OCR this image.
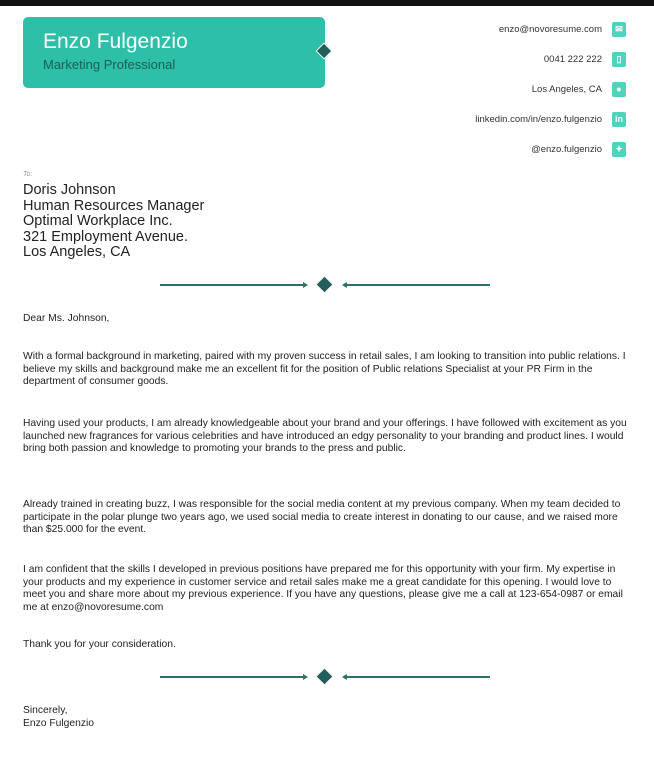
Enzo Fulgenzio
Marketing Professional
enzo@novoresume.com	✉
0041 222 222	▯
Los Angeles, CA	●
linkedin.com/in/enzo.fulgenzio	in
@enzo.fulgenzio	✦
To:
Doris Johnson
Human Resources Manager
Optimal Workplace Inc.
321 Employment Avenue.
Los Angeles, CA
Dear Ms. Johnson,
With a formal background in marketing, paired with my proven success in retail sales, I am looking to transition into public relations. I believe my skills and background make me an excellent fit for the position of Public relations Specialist at your PR Firm in the department of consumer goods.
Having used your products, I am already knowledgeable about your brand and your offerings. I have followed with excitement as you launched new fragrances for various celebrities and have introduced an edgy personality to your branding and product lines. I would bring both passion and knowledge to promoting your brands to the press and public.
Already trained in creating buzz, I was responsible for the social media content at my previous company. When my team decided to participate in the polar plunge two years ago, we used social media to create interest in donating to our cause, and we raised more than $25.000 for the event.
I am confident that the skills I developed in previous positions have prepared me for this opportunity with your firm. My expertise in your products and my experience in customer service and retail sales make me a great candidate for this opening. I would love to meet you and share more about my previous experience. If you have any questions, please give me a call at 123-654-0987 or email me at enzo@novoresume.com
Thank you for your consideration.
Sincerely,
Enzo Fulgenzio
